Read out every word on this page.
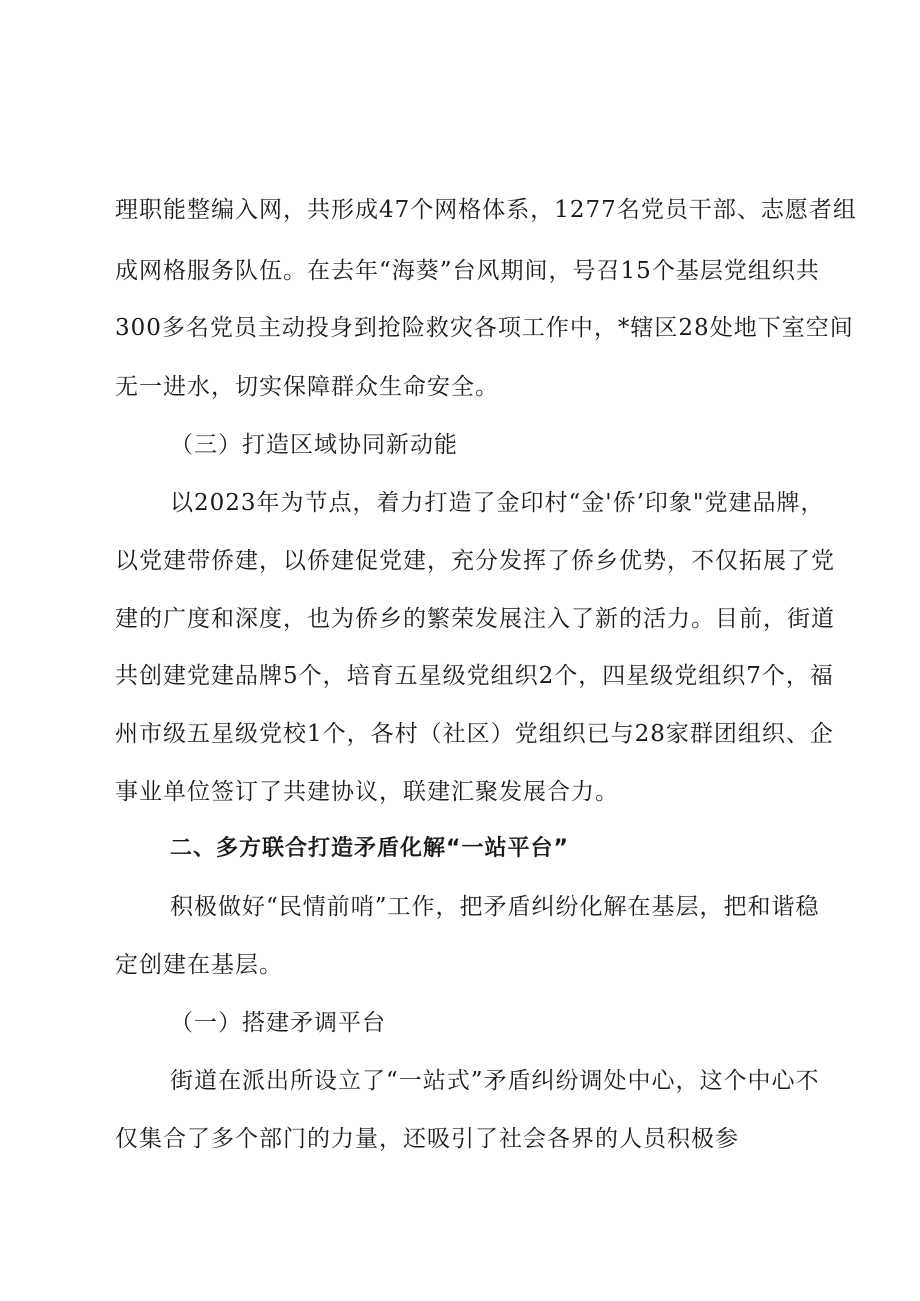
理 职 能 整 编 入 网 ， 共 形 成 47 个 网 格 体 系 ， 1277 名 党 员 干 部 、 志 愿 者 组
成 网 格 服 务 队 伍 。 在 去 年 “ 海 葵 ” 台 风 期 间 ， 号 召 15 个 基 层 党 组 织 共
300 多 名 党 员 主 动 投 身 到 抢 险 救 灾 各 项 工 作 中 ， * 辖 区 28 处 地 下 室 空 间
无一进水，切实保障群众生命安全。
（三）打造区域协同新动能
以2023年为节点，着力打造了金印村“金'侨’印象"党建品牌，
以 党 建 带 侨 建 ， 以 侨 建 促 党 建 ， 充 分 发 挥 了 侨 乡 优 势 ， 不 仅 拓 展 了 党
建 的 广 度 和 深 度 ， 也 为 侨 乡 的 繁 荣 发 展 注 入 了 新 的 活 力 。 目 前 ， 街 道
共 创 建 党 建 品 牌 5 个 ， 培 育 五 星 级 党 组 织 2 个 ， 四 星 级 党 组 织 7 个 ， 福
州 市 级 五 星 级 党 校 1 个 ， 各 村 （ 社 区 ） 党 组 织 已 与 28 家 群 团 组 织 、 企
事业单位签订了共建协议，联建汇聚发展合力。
二、多方联合打造矛盾化解“一站平台”
积极做好“民情前哨”工作，把矛盾纠纷化解在基层，把和谐稳
定创建在基层。
（一）搭建矛调平台
街道在派出所设立了“一站式”矛盾纠纷调处中心，这个中心不
仅集合了多个部门的力量，还吸引了社会各界的人员积极参
